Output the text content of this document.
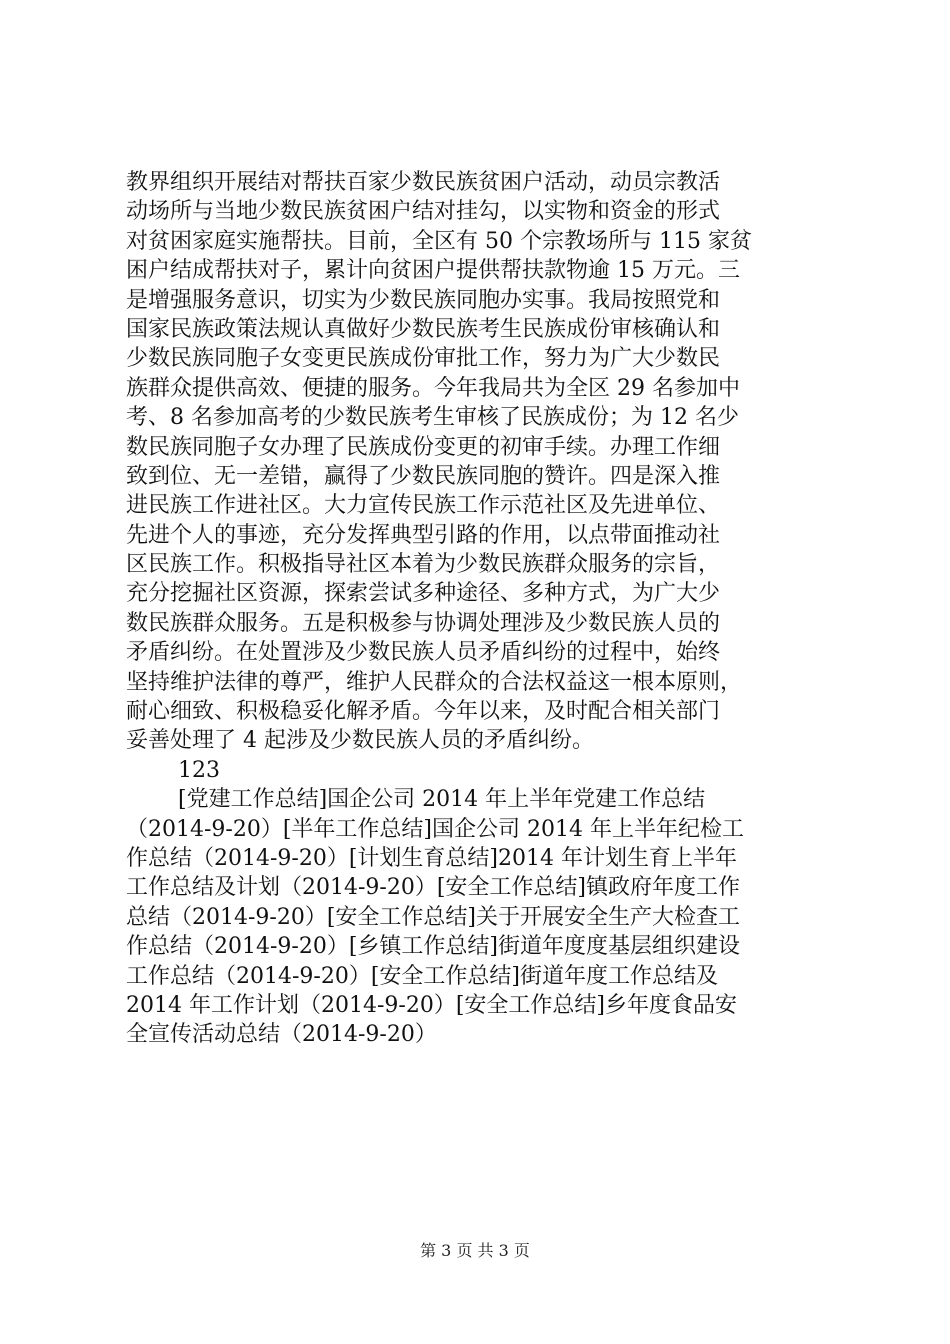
教界组织开展结对帮扶百家少数民族贫困户活动，动员宗教活
动场所与当地少数民族贫困户结对挂勾，以实物和资金的形式
对贫困家庭实施帮扶。目前，全区有 50 个宗教场所与 115 家贫
困户结成帮扶对子，累计向贫困户提供帮扶款物逾 15 万元。三
是增强服务意识，切实为少数民族同胞办实事。我局按照党和
国家民族政策法规认真做好少数民族考生民族成份审核确认和
少数民族同胞子女变更民族成份审批工作，努力为广大少数民
族群众提供高效、便捷的服务。今年我局共为全区 29 名参加中
考、8 名参加高考的少数民族考生审核了民族成份；为 12 名少
数民族同胞子女办理了民族成份变更的初审手续。办理工作细
致到位、无一差错，赢得了少数民族同胞的赞许。四是深入推
进民族工作进社区。大力宣传民族工作示范社区及先进单位、
先进个人的事迹，充分发挥典型引路的作用，以点带面推动社
区民族工作。积极指导社区本着为少数民族群众服务的宗旨，
充分挖掘社区资源，探索尝试多种途径、多种方式，为广大少
数民族群众服务。五是积极参与协调处理涉及少数民族人员的
矛盾纠纷。在处置涉及少数民族人员矛盾纠纷的过程中，始终
坚持维护法律的尊严，维护人民群众的合法权益这一根本原则，
耐心细致、积极稳妥化解矛盾。今年以来，及时配合相关部门
妥善处理了 4 起涉及少数民族人员的矛盾纠纷。
123
[党建工作总结]国企公司 2014 年上半年党建工作总结
（2014-9-20）[半年工作总结]国企公司 2014 年上半年纪检工
作总结（2014-9-20）[计划生育总结]2014 年计划生育上半年
工作总结及计划（2014-9-20）[安全工作总结]镇政府年度工作
总结（2014-9-20）[安全工作总结]关于开展安全生产大检查工
作总结（2014-9-20）[乡镇工作总结]街道年度度基层组织建设
工作总结（2014-9-20）[安全工作总结]街道年度工作总结及
2014 年工作计划（2014-9-20）[安全工作总结]乡年度食品安
全宣传活动总结（2014-9-20）
第 3 页 共 3 页
